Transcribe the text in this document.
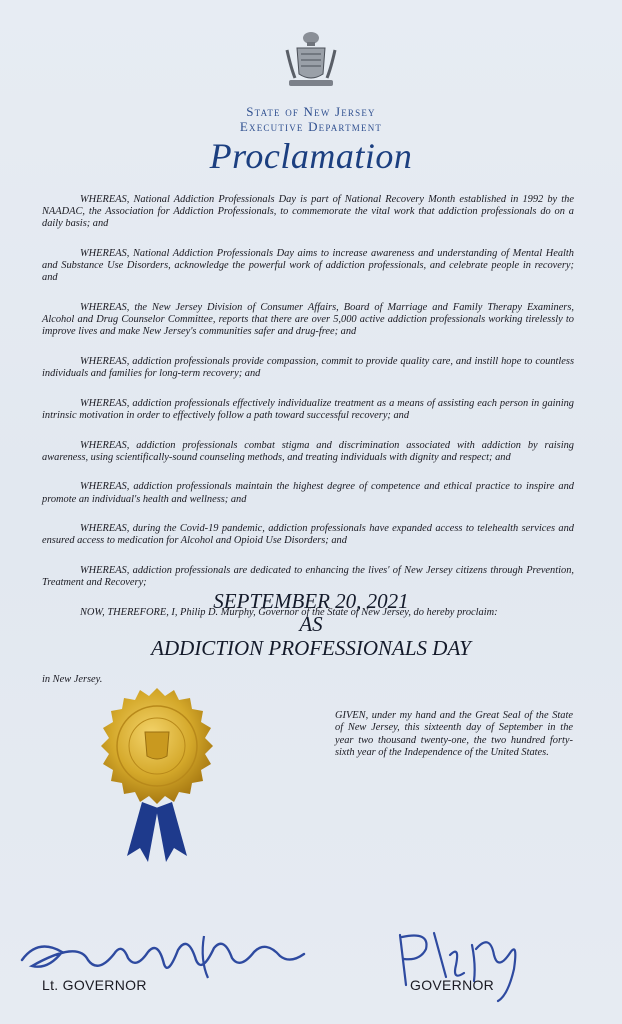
State of New Jersey
Executive Department
Proclamation

WHEREAS, National Addiction Professionals Day is part of National Recovery Month established in 1992 by the NAADAC, the Association for Addiction Professionals, to commemorate the vital work that addiction professionals do on a daily basis; and

WHEREAS, National Addiction Professionals Day aims to increase awareness and understanding of Mental Health and Substance Use Disorders, acknowledge the powerful work of addiction professionals, and celebrate people in recovery; and

WHEREAS, the New Jersey Division of Consumer Affairs, Board of Marriage and Family Therapy Examiners, Alcohol and Drug Counselor Committee, reports that there are over 5,000 active addiction professionals working tirelessly to improve lives and make New Jersey's communities safer and drug-free; and

WHEREAS, addiction professionals provide compassion, commit to provide quality care, and instill hope to countless individuals and families for long-term recovery; and

WHEREAS, addiction professionals effectively individualize treatment as a means of assisting each person in gaining intrinsic motivation in order to effectively follow a path toward successful recovery; and

WHEREAS, addiction professionals combat stigma and discrimination associated with addiction by raising awareness, using scientifically-sound counseling methods, and treating individuals with dignity and respect; and

WHEREAS, addiction professionals maintain the highest degree of competence and ethical practice to inspire and promote an individual's health and wellness; and

WHEREAS, during the Covid-19 pandemic, addiction professionals have expanded access to telehealth services and ensured access to medication for Alcohol and Opioid Use Disorders; and

WHEREAS, addiction professionals are dedicated to enhancing the lives' of New Jersey citizens through Prevention, Treatment and Recovery;

NOW, THEREFORE, I, Philip D. Murphy, Governor of the State of New Jersey, do hereby proclaim:

SEPTEMBER 20, 2021
AS
ADDICTION PROFESSIONALS DAY
in New Jersey.
GIVEN, under my hand and the Great Seal of the State of New Jersey, this sixteenth day of September in the year two thousand twenty-one, the two hundred forty-sixth year of the Independence of the United States.
Lt. GOVERNOR	GOVERNOR
